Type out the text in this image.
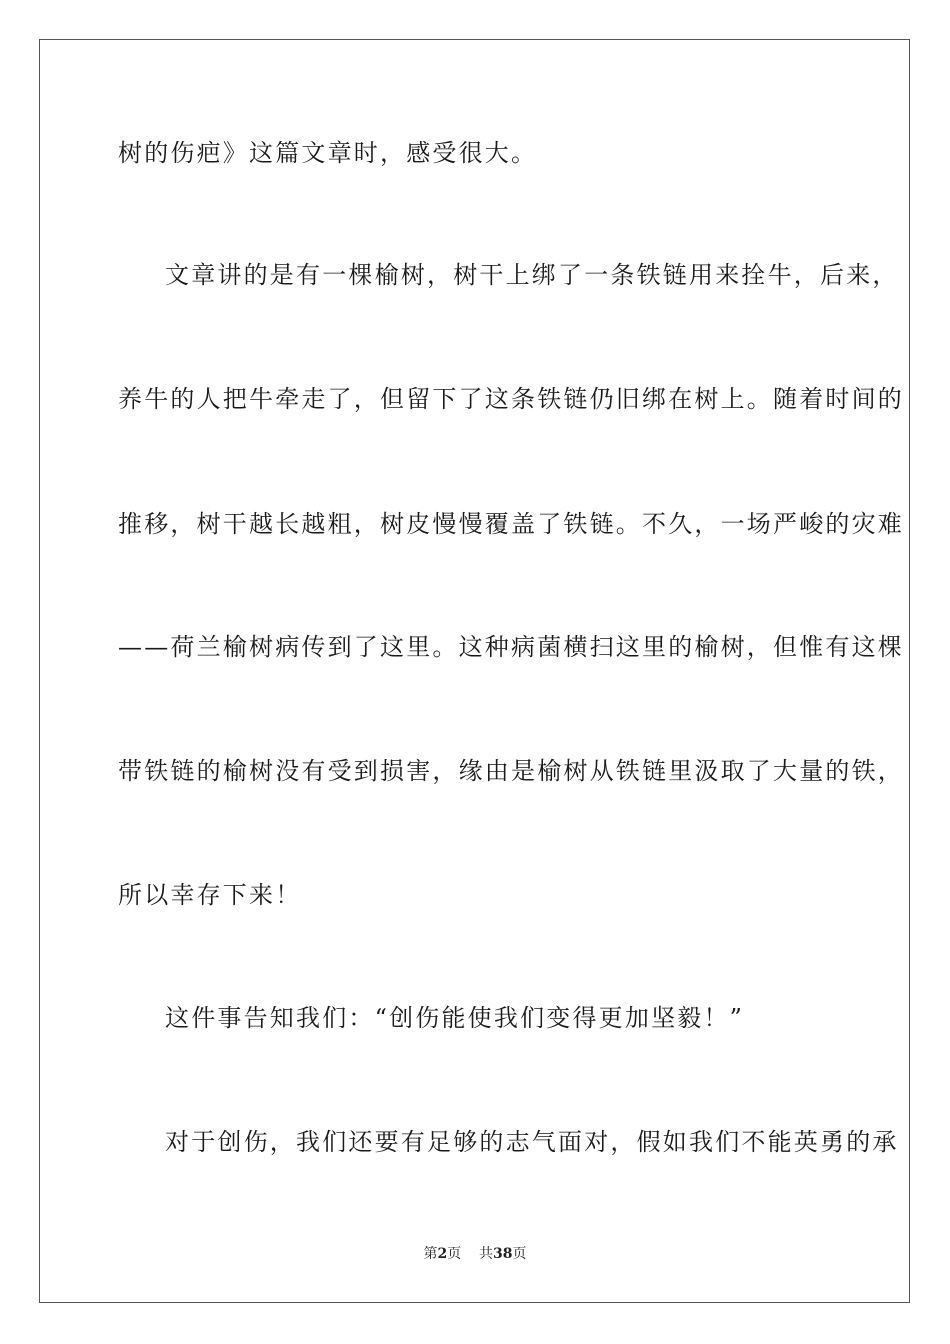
树的伤疤》这篇文章时，感受很大。
文章讲的是有一棵榆树，树干上绑了一条铁链用来拴牛，后来，
养牛的人把牛牵走了，但留下了这条铁链仍旧绑在树上。随着时间的
推移，树干越长越粗，树皮慢慢覆盖了铁链。不久，一场严峻的灾难
——荷兰榆树病传到了这里。这种病菌横扫这里的榆树，但惟有这棵
带铁链的榆树没有受到损害，缘由是榆树从铁链里汲取了大量的铁，
所以幸存下来！
这件事告知我们：“创伤能使我们变得更加坚毅！”
对于创伤，我们还要有足够的志气面对，假如我们不能英勇的承
第2页 共38页
